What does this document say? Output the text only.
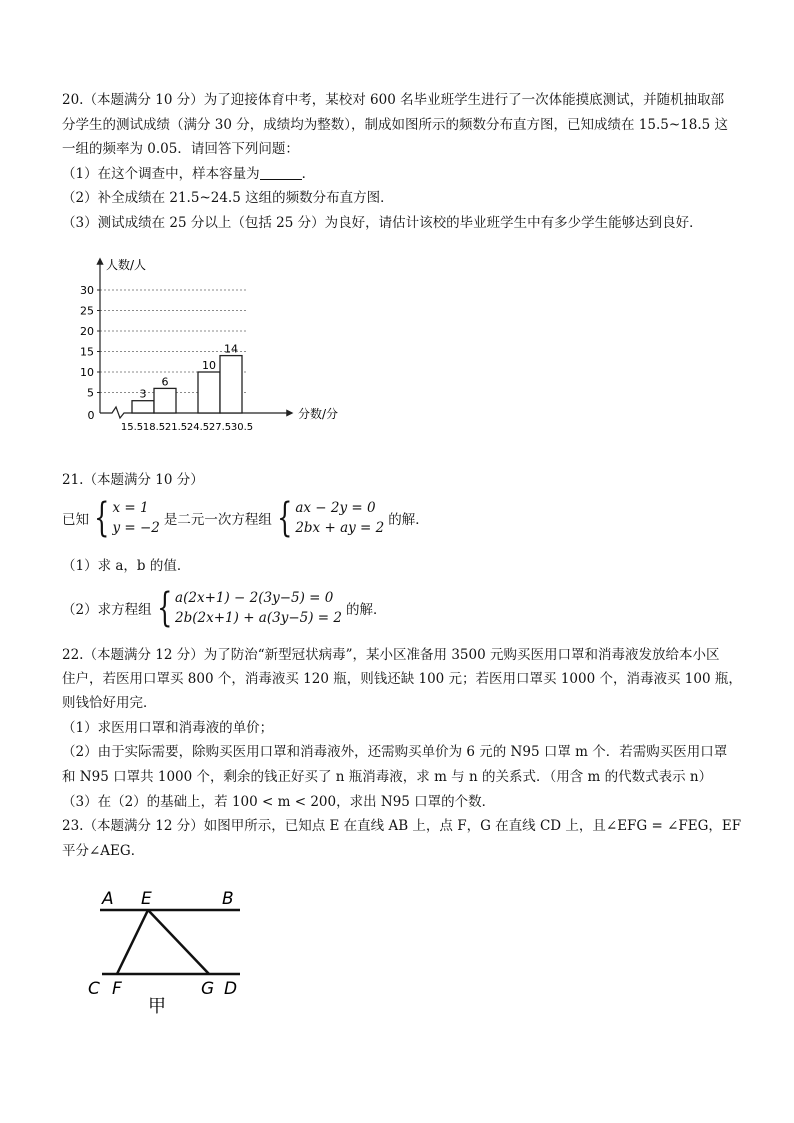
20.（本题满分 10 分）为了迎接体育中考，某校对 600 名毕业班学生进行了一次体能摸底测试，并随机抽取部
分学生的测试成绩（满分 30 分，成绩均为整数），制成如图所示的频数分布直方图，已知成绩在 15.5~18.5 这
一组的频率为 0.05．请回答下列问题：
（1）在这个调查中，样本容量为	．
（2）补全成绩在 21.5~24.5 这组的频数分布直方图．
（3）测试成绩在 25 分以上（包括 25 分）为良好，请估计该校的毕业班学生中有多少学生能够达到良好．
5
10
15
20
25
30
0
人数/人
分数/分
15.5 18.5 21.5 24.5 27.5 30.5
3
6
10
14
21.（本题满分 10 分）
已知 { x = 1
y = −2 是二元一次方程组 { ax − 2y = 0
2bx + ay = 2 的解．
（1）求 a，b 的值．
（2）求方程组 { a(2x+1) − 2(3y−5) = 0
2b(2x+1) + a(3y−5) = 2 的解．
22.（本题满分 12 分）为了防治“新型冠状病毒”，某小区准备用 3500 元购买医用口罩和消毒液发放给本小区
住户，若医用口罩买 800 个，消毒液买 120 瓶，则钱还缺 100 元；若医用口罩买 1000 个，消毒液买 100 瓶，
则钱恰好用完．
（1）求医用口罩和消毒液的单价；
（2）由于实际需要，除购买医用口罩和消毒液外，还需购买单价为 6 元的 N95 口罩 m 个．若需购买医用口罩
和 N95 口罩共 1000 个，剩余的钱正好买了 n 瓶消毒液，求 m 与 n 的关系式．（用含 m 的代数式表示 n）
（3）在（2）的基础上，若 100 < m < 200，求出 N95 口罩的个数．
23.（本题满分 12 分）如图甲所示，已知点 E 在直线 AB 上，点 F，G 在直线 CD 上，且∠EFG = ∠FEG，EF
平分∠AEG．
A E	B
C F	G D
甲
